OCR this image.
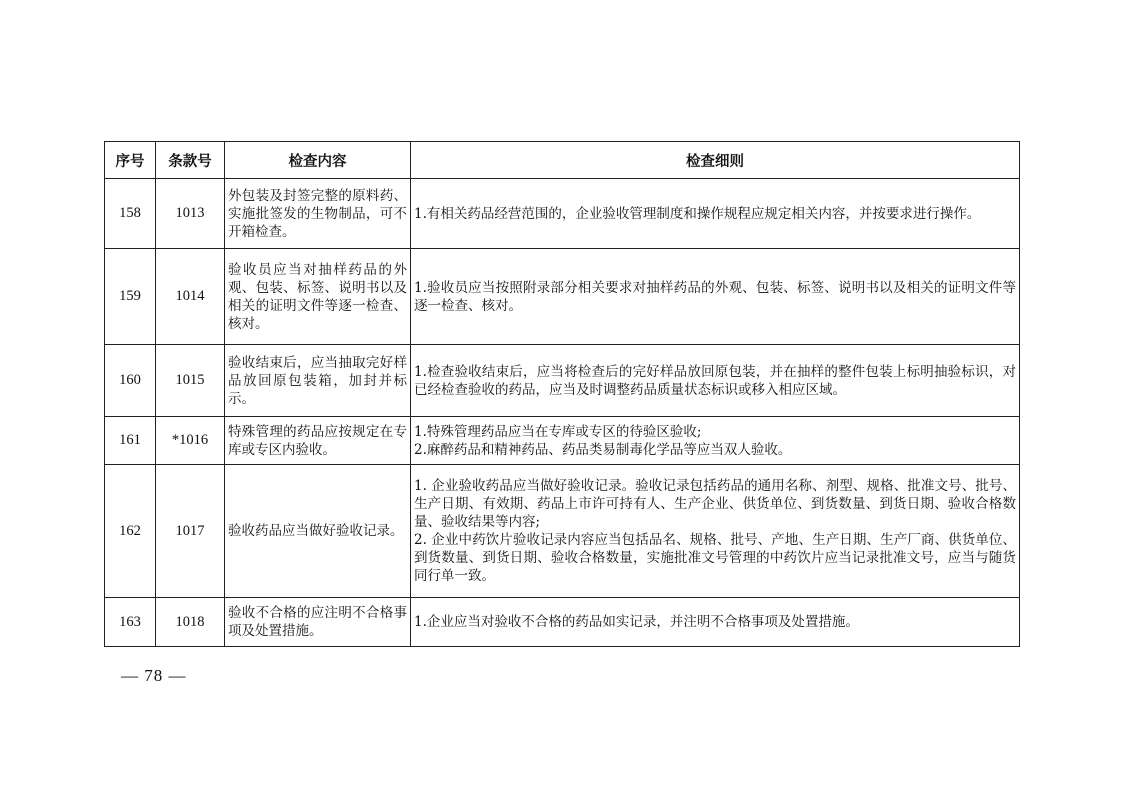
序号	条款号	检查内容	检查细则
158	1013	外包装及封签完整的原料药、实施批签发的生物制品，可不开箱检查。	1.有相关药品经营范围的，企业验收管理制度和操作规程应规定相关内容，并按要求进行操作。

159	1014	验收员应当对抽样药品的外观、包装、标签、说明书以及相关的证明文件等逐一检查、核对。	1.验收员应当按照附录部分相关要求对抽样药品的外观、包装、标签、说明书以及相关的证明文件等逐一检查、核对。

160	1015	验收结束后，应当抽取完好样品放回原包装箱，加封并标示。	1.检查验收结束后，应当将检查后的完好样品放回原包装，并在抽样的整件包装上标明抽验标识，对已经检查验收的药品，应当及时调整药品质量状态标识或移入相应区域。

161	*1016	特殊管理的药品应按规定在专库或专区内验收。	1.特殊管理药品应当在专库或专区的待验区验收;
2.麻醉药品和精神药品、药品类易制毒化学品等应当双人验收。

162	1017	验收药品应当做好验收记录。	1. 企业验收药品应当做好验收记录。验收记录包括药品的通用名称、剂型、规格、批准文号、批号、生产日期、有效期、药品上市许可持有人、生产企业、供货单位、到货数量、到货日期、验收合格数量、验收结果等内容;
2. 企业中药饮片验收记录内容应当包括品名、规格、批号、产地、生产日期、生产厂商、供货单位、到货数量、到货日期、验收合格数量，实施批准文号管理的中药饮片应当记录批准文号，应当与随货同行单一致。

163	1018	验收不合格的应注明不合格事项及处置措施。	1.企业应当对验收不合格的药品如实记录，并注明不合格事项及处置措施。
— 78 —
